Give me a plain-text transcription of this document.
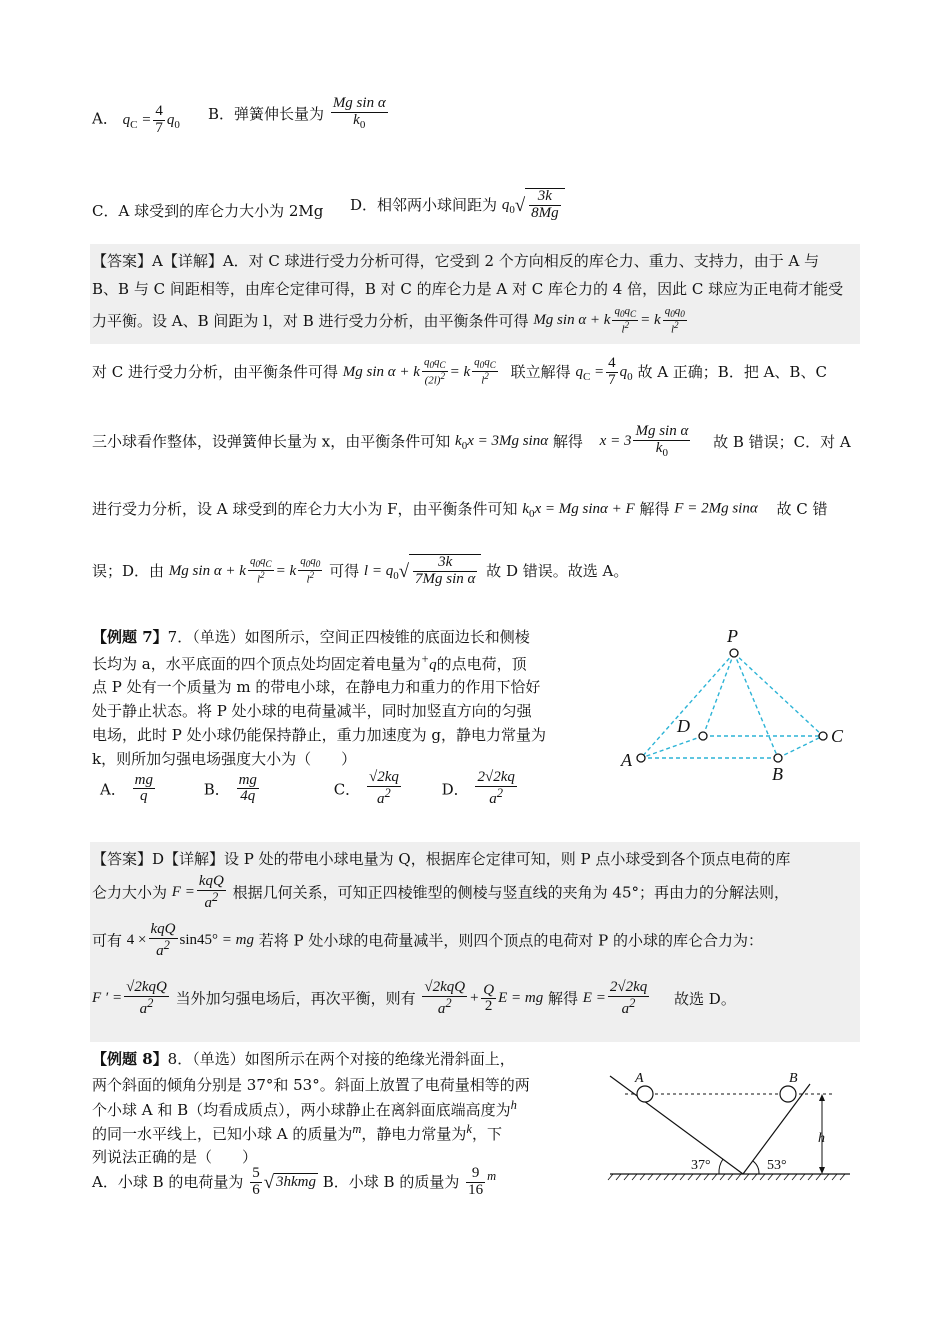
A． $q_C = \frac{4}{7} q_0$
B．弹簧伸长量为 $\frac{\text{Mg sin α}}{k_0}$
C．A 球受到的库仑力大小为 2Mg D．相邻两小球间距为 $q_0√ \frac{3k}{8Mg}$
【答案】A【详解】A．对 C 球进行受力分析可得，它受到 2 个方向相反的库仑力、重力、支持力，由于 A 与
B、B 与 C 间距相等，由库仑定律可得，B 对 C 的库仑力是 A 对 C 库仑力的 4 倍，因此 C 球应为正电荷才能受
力平衡。设 A、B 间距为 l，对 B 进行受力分析，由平衡条件可得 Mg sin α + k $\frac{q_0q_C}{l^2} = k \frac{q_0q_0}{l^2}$
对 C 进行受力分析，由平衡条件可得 Mg sin α + k $\frac{q_0q_C}{(2l)^2} = k \frac{q_0q_C}{l^2}$ 联立解得 $q_C = \frac{4}{7} q_0$ 故 A 正确；B．把 A、B、C
三小球看作整体，设弹簧伸长量为 x，由平衡条件可知 $k_0x = 3Mg$ sinα 解得 $x = 3 \frac{\text{Mg sin α}}{k_0}$ 故 B 错误；C．对 A
进行受力分析，设 A 球受到的库仑力大小为 F，由平衡条件可知 $k_0x = Mg$ sinα + F 解得 F = 2Mg sinα 故 C 错
误；D．由 Mg sin α + k $\frac{q_0q_C}{l^2} = k \frac{q_0q_0}{l^2}$ 可得 $l = q_0√ \frac{3k}{\text{7Mg sin α}}$ 故 D 错误。故选 A。
【例题 7】7．（单选）如图所示，空间正四棱锥的底面边长和侧棱
长均为 a，水平底面的四个顶点处均固定着电量为+q的点电荷，顶
点 P 处有一个质量为 m 的带电小球，在静电力和重力的作用下恰好
处于静止状态。将 P 处小球的电荷量减半，同时加竖直方向的匀强
电场，此时 P 处小球仍能保持静止，重力加速度为 g，静电力常量为
k，则所加匀强电场强度大小为（　　）
A． $\frac{mg}{q}$	B． $\frac{mg}{4q}$	C． $\frac{√2kq}{a^2}$	D． $\frac{2√2kq}{a^2}$
P
A
B
C
D
【答案】D【详解】设 P 处的带电小球电量为 Q，根据库仑定律可知，则 P 点小球受到各个顶点电荷的库
仑力大小为 $F = \frac{\text{kqQ}}{a^2}$ 根据几何关系，可知正四棱锥型的侧棱与竖直线的夹角为 45°；再由力的分解法则，
可有 $4 \times \frac{\text{kqQ}}{a^2} \sin 45^\circ$ = mg 若将 P 处小球的电荷量减半，则四个顶点的电荷对 P 的小球的库仑合力为：
F ′ = $\frac{\text{√2kqQ}}{a^2}$ 当外加匀强电场后，再次平衡，则有 $\frac{\text{√2kqQ}}{a^2} + \frac{Q}{2}$ E = mg 解得 $E = \frac{2√2kq}{a^2}$ 故选 D。
【例题 8】8．（单选）如图所示在两个对接的绝缘光滑斜面上，
两个斜面的倾角分别是 37°和 53°。斜面上放置了电荷量相等的两
个小球 A 和 B（均看成质点），两小球静止在离斜面底端高度为$^h$
的同一水平线上，已知小球 A 的质量为$^m$，静电力常量为$^k$，下
列说法正确的是（　　）
A．小球 B 的电荷量为 $\frac{5}{6}$ √ 3hkmg B．小球 B 的质量为 $\frac{9}{16} ^m$
A	B
h
37°	53°
